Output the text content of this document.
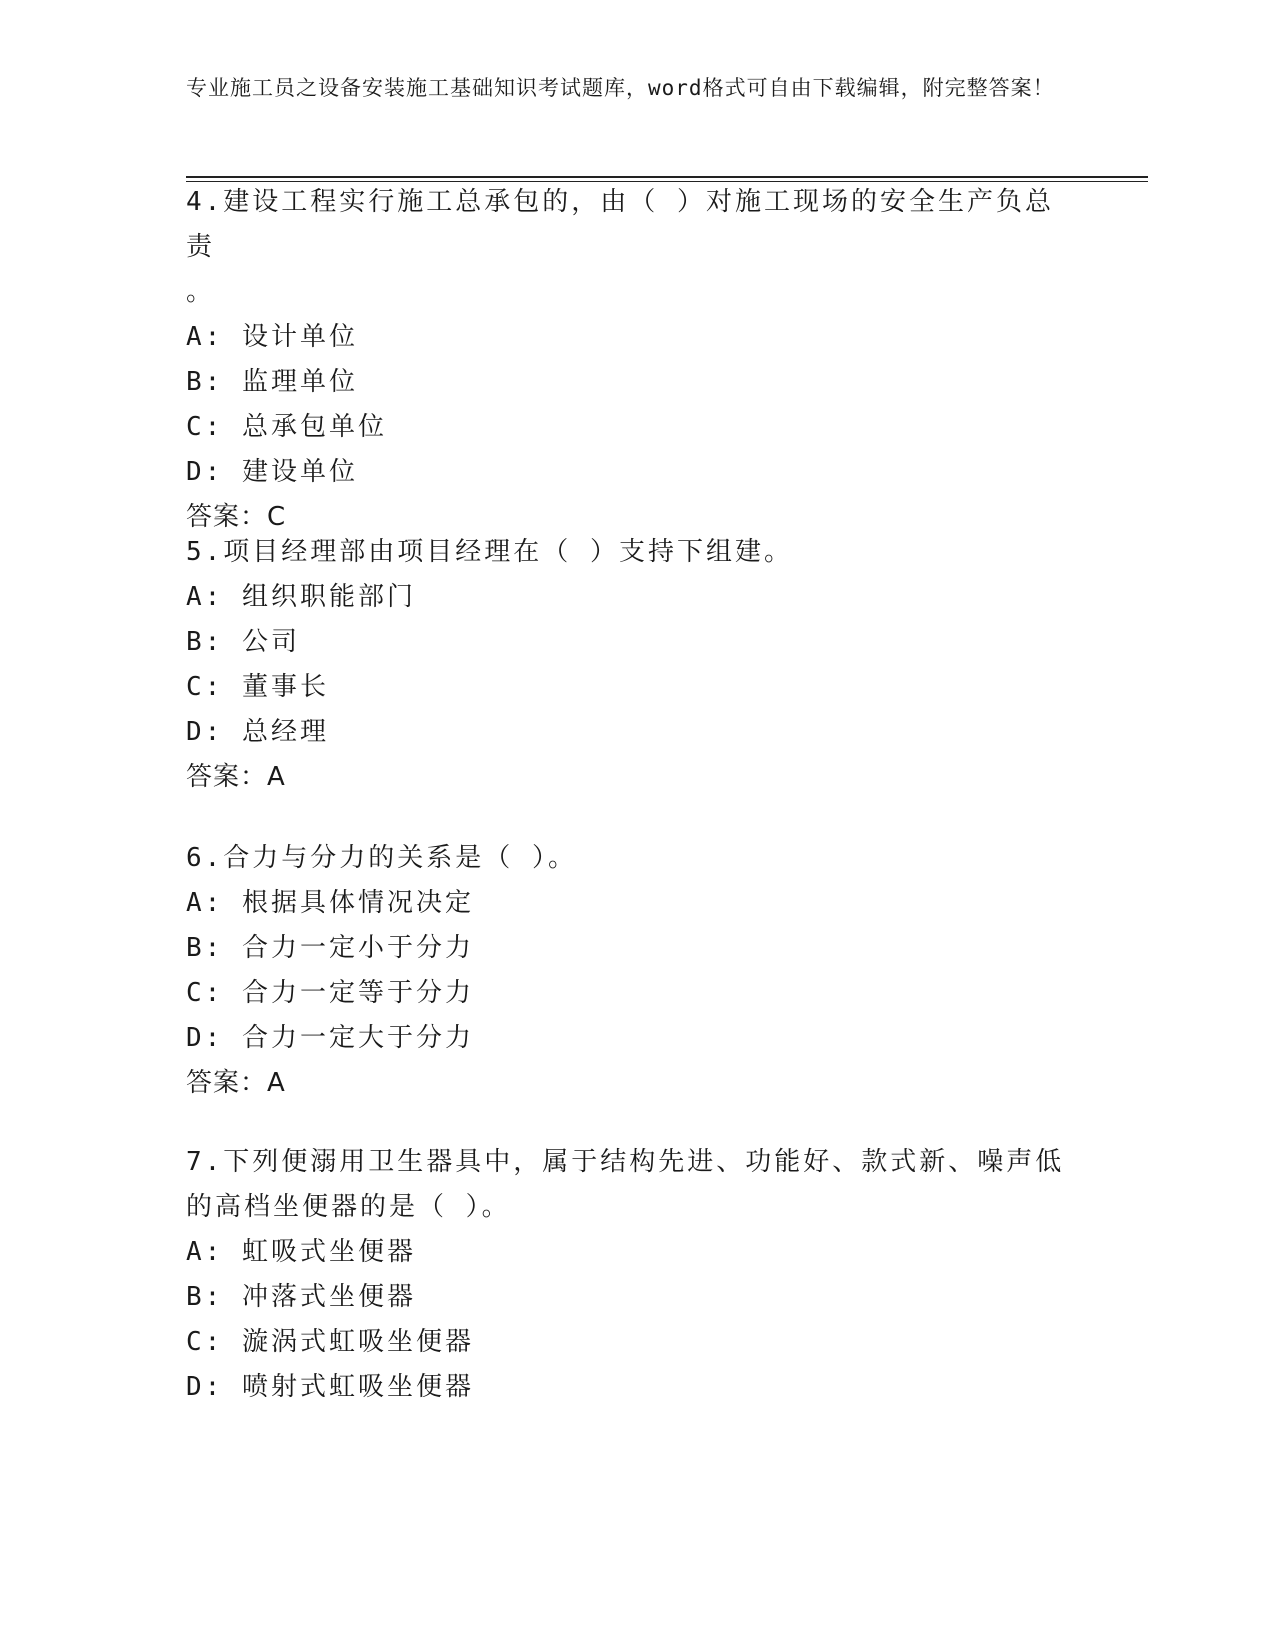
专业施工员之设备安装施工基础知识考试题库，word格式可自由下载编辑，附完整答案！
4.建设工程实行施工总承包的，由（ ）对施工现场的安全生产负总责
。
A: 设计单位
B: 监理单位
C: 总承包单位
D: 建设单位
答案：C
5.项目经理部由项目经理在（ ）支持下组建。
A: 组织职能部门
B: 公司
C: 董事长
D: 总经理
答案：A
6.合力与分力的关系是（ ）。
A: 根据具体情况决定
B: 合力一定小于分力
C: 合力一定等于分力
D: 合力一定大于分力
答案：A
7.下列便溺用卫生器具中，属于结构先进、功能好、款式新、噪声低
的高档坐便器的是（ ）。
A: 虹吸式坐便器
B: 冲落式坐便器
C: 漩涡式虹吸坐便器
D: 喷射式虹吸坐便器
